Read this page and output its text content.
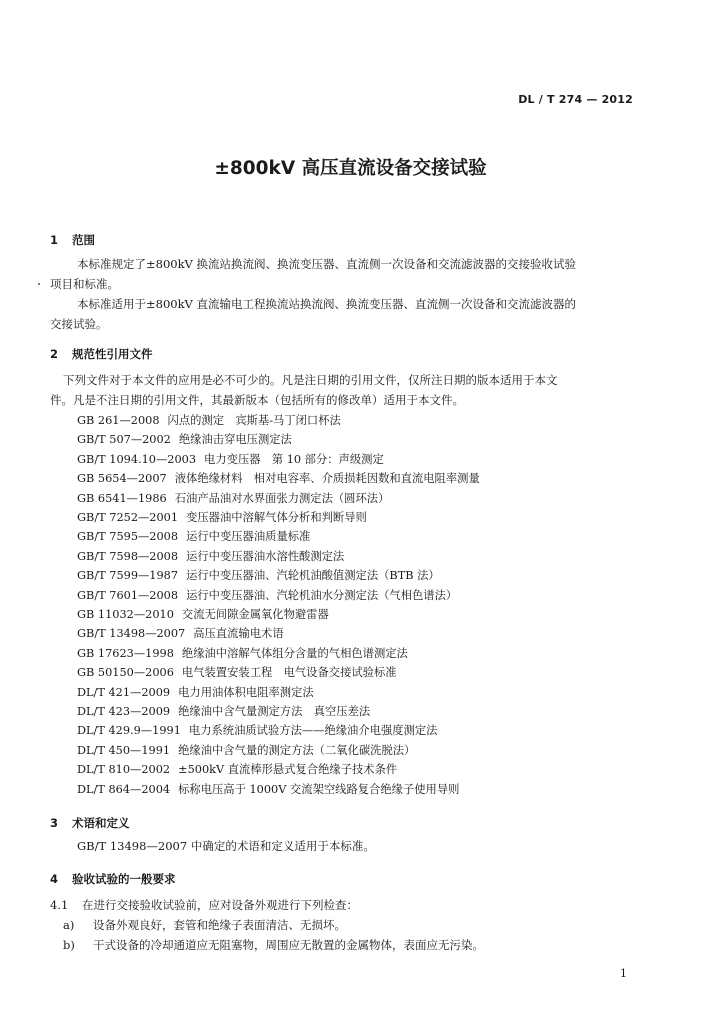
DL / T 274 — 2012
±800kV 高压直流设备交接试验
1 范围
本标准规定了±800kV 换流站换流阀、换流变压器、直流侧一次设备和交流滤波器的交接验收试验
项目和标准。
本标准适用于±800kV 直流输电工程换流站换流阀、换流变压器、直流侧一次设备和交流滤波器的
交接试验。
2 规范性引用文件
下列文件对于本文件的应用是必不可少的。凡是注日期的引用文件，仅所注日期的版本适用于本文
件。凡是不注日期的引用文件，其最新版本（包括所有的修改单）适用于本文件。
GB 261—2008 闪点的测定　宾斯基-马丁闭口杯法
GB/T 507—2002 绝缘油击穿电压测定法
GB/T 1094.10—2003 电力变压器　第 10 部分：声级测定
GB 5654—2007 液体绝缘材料　相对电容率、介质损耗因数和直流电阻率测量
GB 6541—1986 石油产品油对水界面张力测定法（圆环法）
GB/T 7252—2001 变压器油中溶解气体分析和判断导则
GB/T 7595—2008 运行中变压器油质量标准
GB/T 7598—2008 运行中变压器油水溶性酸测定法
GB/T 7599—1987 运行中变压器油、汽轮机油酸值测定法（BTB 法）
GB/T 7601—2008 运行中变压器油、汽轮机油水分测定法（气相色谱法）
GB 11032—2010 交流无间隙金属氧化物避雷器
GB/T 13498—2007 高压直流输电术语
GB 17623—1998 绝缘油中溶解气体组分含量的气相色谱测定法
GB 50150—2006 电气装置安装工程　电气设备交接试验标准
DL/T 421—2009 电力用油体积电阻率测定法
DL/T 423—2009 绝缘油中含气量测定方法　真空压差法
DL/T 429.9—1991 电力系统油质试验方法——绝缘油介电强度测定法
DL/T 450—1991 绝缘油中含气量的测定方法（二氧化碳洗脱法）
DL/T 810—2002 ±500kV 直流棒形悬式复合绝缘子技术条件
DL/T 864—2004 标称电压高于 1000V 交流架空线路复合绝缘子使用导则
3 术语和定义
GB/T 13498—2007 中确定的术语和定义适用于本标准。
4 验收试验的一般要求
4.1 在进行交接验收试验前，应对设备外观进行下列检查：
a) 设备外观良好，套管和绝缘子表面清洁、无损坏。
b) 干式设备的冷却通道应无阻塞物，周围应无散置的金属物体，表面应无污染。
1
